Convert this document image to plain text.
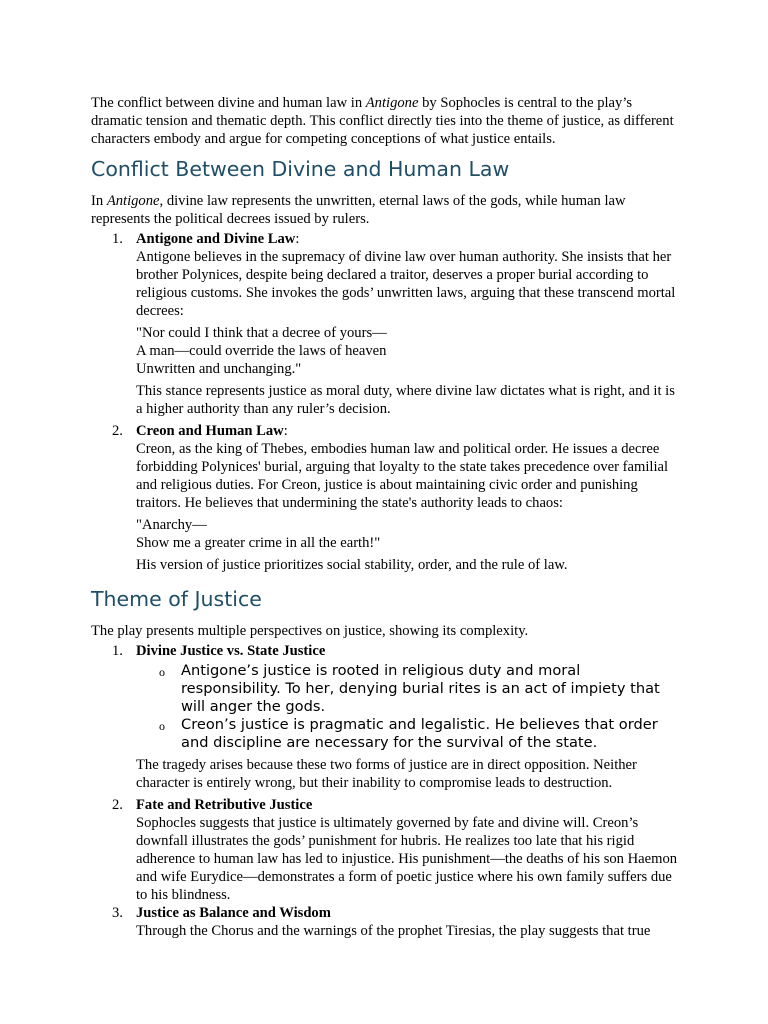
The conflict between divine and human law in Antigone by Sophocles is central to the play’s dramatic tension and thematic depth. This conflict directly ties into the theme of justice, as different characters embody and argue for competing conceptions of what justice entails.

Conflict Between Divine and Human Law

In Antigone, divine law represents the unwritten, eternal laws of the gods, while human law represents the political decrees issued by rulers.

1. Antigone and Divine Law:
Antigone believes in the supremacy of divine law over human authority. She insists that her brother Polynices, despite being declared a traitor, deserves a proper burial according to religious customs. She invokes the gods’ unwritten laws, arguing that these transcend mortal decrees:
"Nor could I think that a decree of yours—
A man—could override the laws of heaven
Unwritten and unchanging."
This stance represents justice as moral duty, where divine law dictates what is right, and it is a higher authority than any ruler’s decision.
2. Creon and Human Law:
Creon, as the king of Thebes, embodies human law and political order. He issues a decree forbidding Polynices' burial, arguing that loyalty to the state takes precedence over familial and religious duties. For Creon, justice is about maintaining civic order and punishing traitors. He believes that undermining the state's authority leads to chaos:
"Anarchy—
Show me a greater crime in all the earth!"
His version of justice prioritizes social stability, order, and the rule of law.
Theme of Justice

The play presents multiple perspectives on justice, showing its complexity.

1. Divine Justice vs. State Justice
o Antigone’s justice is rooted in religious duty and moral responsibility. To her, denying burial rites is an act of impiety that will anger the gods.
o Creon’s justice is pragmatic and legalistic. He believes that order and discipline are necessary for the survival of the state.
The tragedy arises because these two forms of justice are in direct opposition. Neither character is entirely wrong, but their inability to compromise leads to destruction.
2. Fate and Retributive Justice
Sophocles suggests that justice is ultimately governed by fate and divine will. Creon’s downfall illustrates the gods’ punishment for hubris. He realizes too late that his rigid adherence to human law has led to injustice. His punishment—the deaths of his son Haemon and wife Eurydice—demonstrates a form of poetic justice where his own family suffers due to his blindness.
3. Justice as Balance and Wisdom
Through the Chorus and the warnings of the prophet Tiresias, the play suggests that true
